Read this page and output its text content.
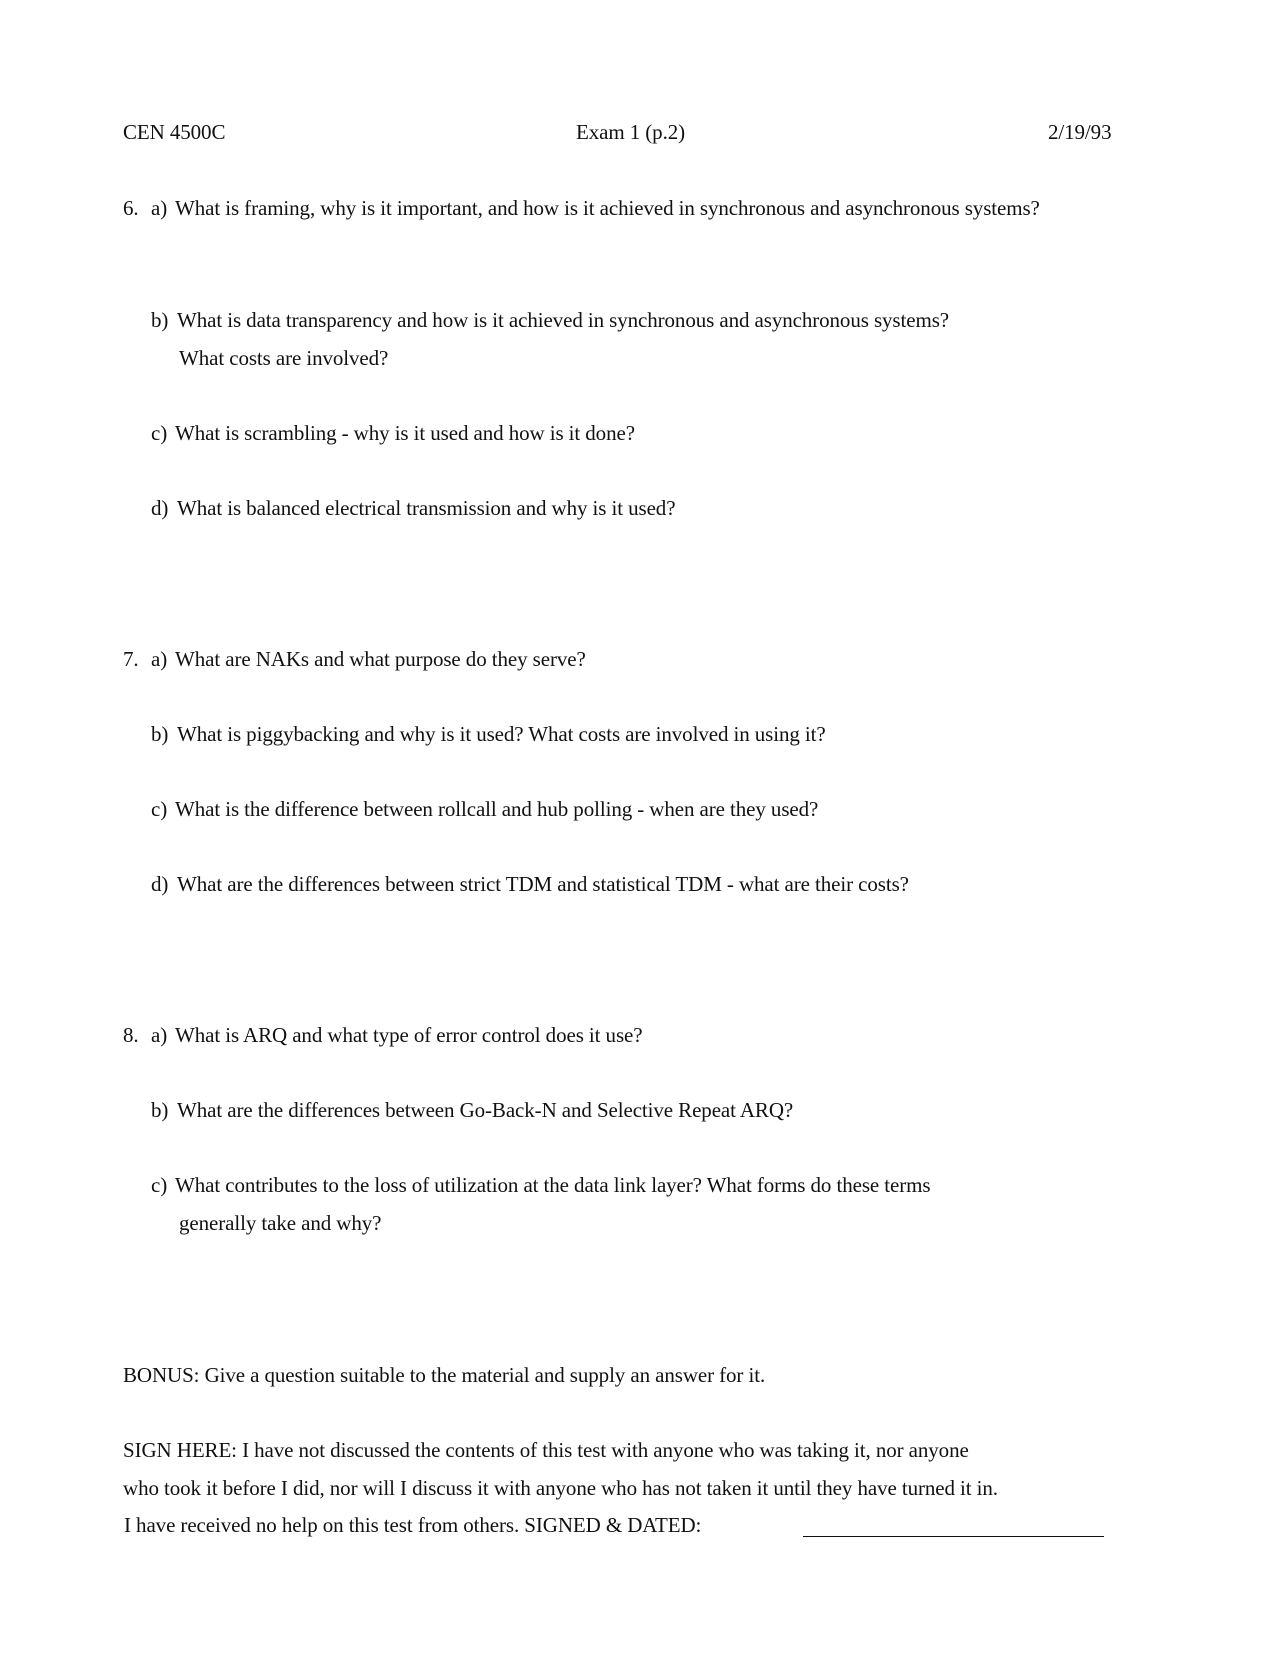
CEN 4500C	Exam 1 (p.2)	2/19/93
6. a) What is framing, why is it important, and how is it achieved in synchronous and asynchronous systems?
b) What is data transparency and how is it achieved in synchronous and asynchronous systems?
What costs are involved?
c) What is scrambling - why is it used and how is it done?
d) What is balanced electrical transmission and why is it used?
7. a) What are NAKs and what purpose do they serve?
b) What is piggybacking and why is it used? What costs are involved in using it?
c) What is the difference between rollcall and hub polling - when are they used?
d) What are the differences between strict TDM and statistical TDM - what are their costs?
8. a) What is ARQ and what type of error control does it use?
b) What are the differences between Go-Back-N and Selective Repeat ARQ?
c) What contributes to the loss of utilization at the data link layer? What forms do these terms
generally take and why?
BONUS: Give a question suitable to the material and supply an answer for it.
SIGN HERE: I have not discussed the contents of this test with anyone who was taking it, nor anyone
who took it before I did, nor will I discuss it with anyone who has not taken it until they have turned it in.
I have received no help on this test from others. SIGNED & DATED:
